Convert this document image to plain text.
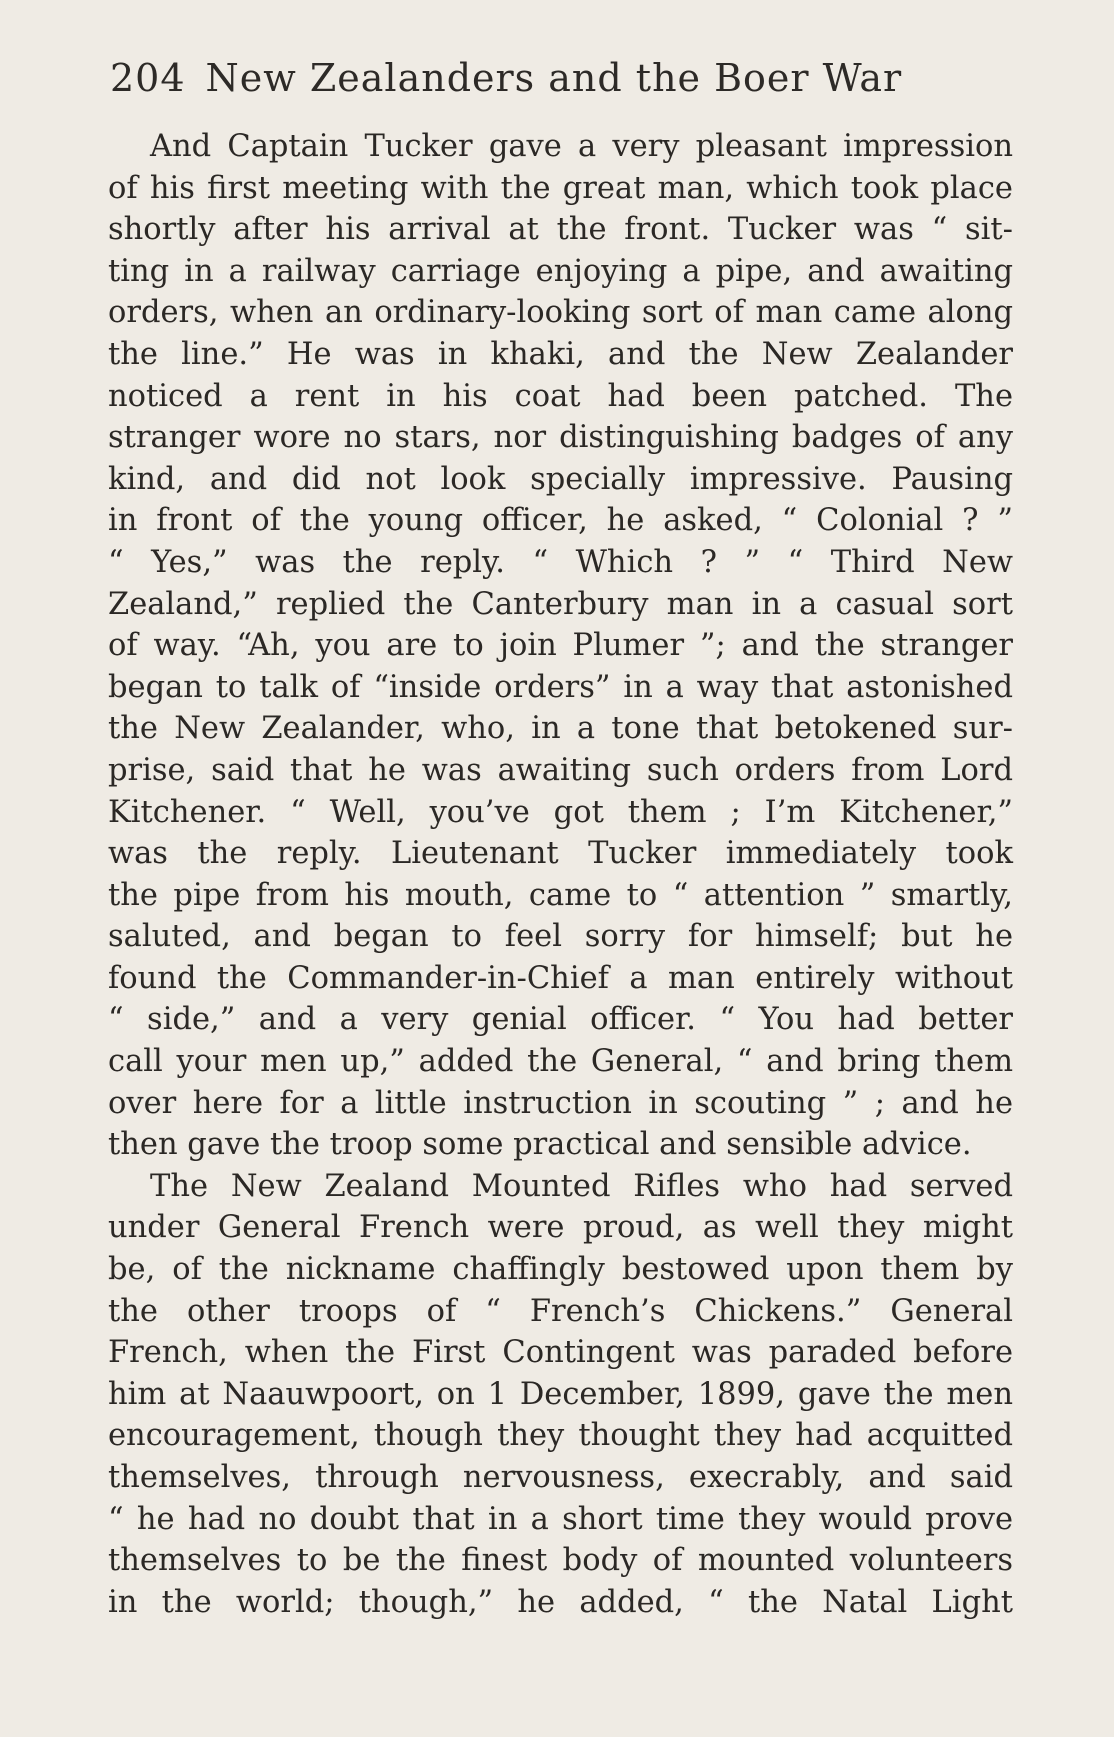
204 New Zealanders and the Boer War
And Captain Tucker gave a very pleasant impression
of his first meeting with the great man, which took place
shortly after his arrival at the front. Tucker was “ sit-
ting in a railway carriage enjoying a pipe, and awaiting
orders, when an ordinary-looking sort of man came along
the line.” He was in khaki, and the New Zealander
noticed a rent in his coat had been patched. The
stranger wore no stars, nor distinguishing badges of any
kind, and did not look specially impressive. Pausing
in front of the young officer, he asked, “ Colonial ? ”
“ Yes,” was the reply. “ Which ? ” “ Third New
Zealand,” replied the Canterbury man in a casual sort
of way. “Ah, you are to join Plumer ”; and the stranger
began to talk of “inside orders” in a way that astonished
the New Zealander, who, in a tone that betokened sur-
prise, said that he was awaiting such orders from Lord
Kitchener. “ Well, you’ve got them ; I’m Kitchener,”
was the reply. Lieutenant Tucker immediately took
the pipe from his mouth, came to “ attention ” smartly,
saluted, and began to feel sorry for himself; but he
found the Commander-in-Chief a man entirely without
“ side,” and a very genial officer. “ You had better
call your men up,” added the General, “ and bring them
over here for a little instruction in scouting ” ; and he
then gave the troop some practical and sensible advice.
The New Zealand Mounted Rifles who had served
under General French were proud, as well they might
be, of the nickname chaffingly bestowed upon them by
the other troops of “ French’s Chickens.” General
French, when the First Contingent was paraded before
him at Naauwpoort, on 1 December, 1899, gave the men
encouragement, though they thought they had acquitted
themselves, through nervousness, execrably, and said
“ he had no doubt that in a short time they would prove
themselves to be the finest body of mounted volunteers
in the world; though,” he added, “ the Natal Light
